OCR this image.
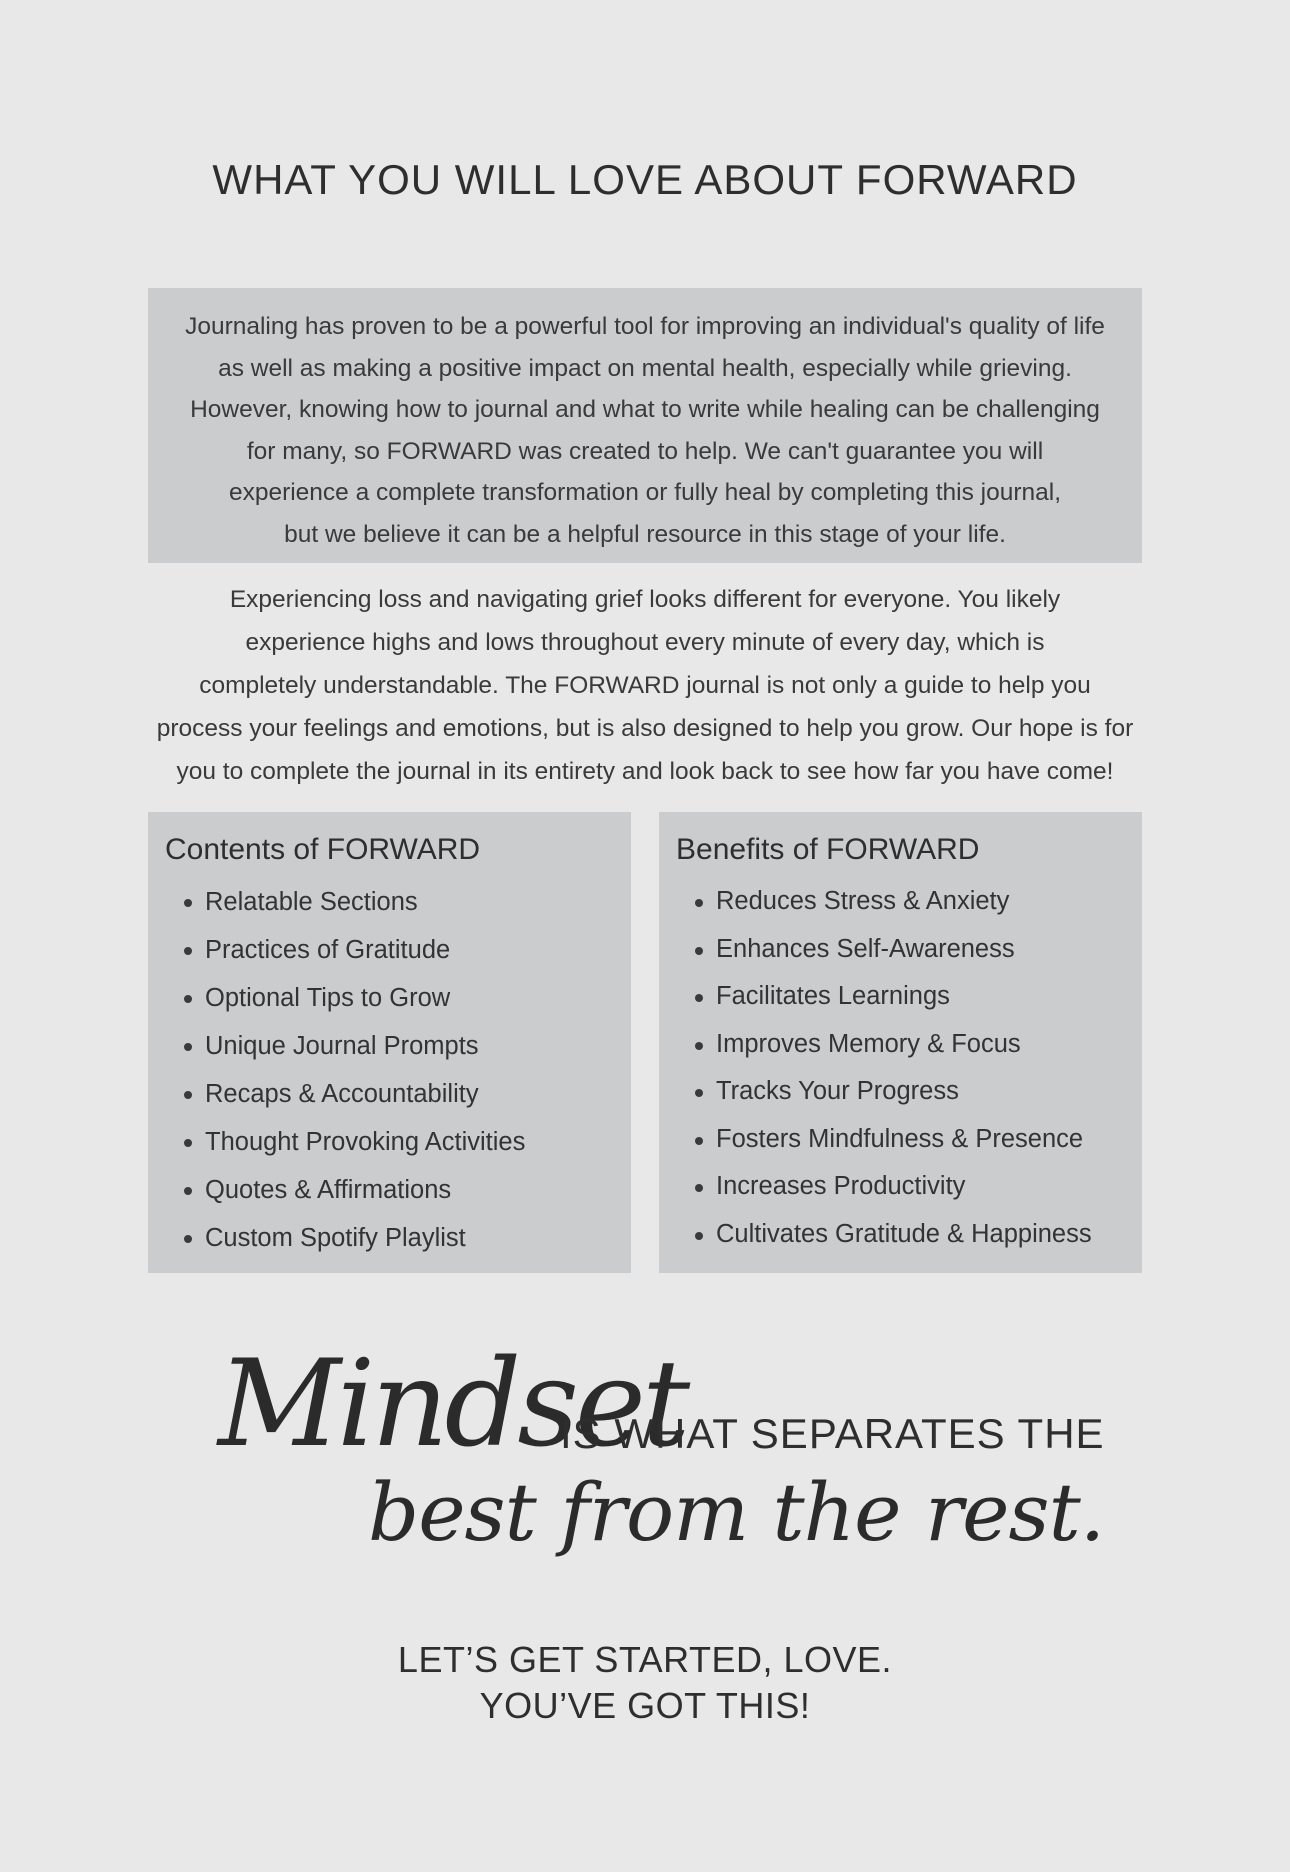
WHAT YOU WILL LOVE ABOUT FORWARD

Journaling has proven to be a powerful tool for improving an individual's quality of life
as well as making a positive impact on mental health, especially while grieving.
However, knowing how to journal and what to write while healing can be challenging
for many, so FORWARD was created to help. We can't guarantee you will
experience a complete transformation or fully heal by completing this journal,
but we believe it can be a helpful resource in this stage of your life.

Experiencing loss and navigating grief looks different for everyone. You likely
experience highs and lows throughout every minute of every day, which is
completely understandable. The FORWARD journal is not only a guide to help you
process your feelings and emotions, but is also designed to help you grow. Our hope is for
you to complete the journal in its entirety and look back to see how far you have come!

Contents of FORWARD
Relatable Sections
Practices of Gratitude
Optional Tips to Grow
Unique Journal Prompts
Recaps & Accountability
Thought Provoking Activities
Quotes & Affirmations
Custom Spotify Playlist
Benefits of FORWARD
Reduces Stress & Anxiety
Enhances Self-Awareness
Facilitates Learnings
Improves Memory & Focus
Tracks Your Progress
Fosters Mindfulness & Presence
Increases Productivity
Cultivates Gratitude & Happiness
Mindset
IS WHAT SEPARATES THE
best from the rest.
LET’S GET STARTED, LOVE.
YOU’VE GOT THIS!
